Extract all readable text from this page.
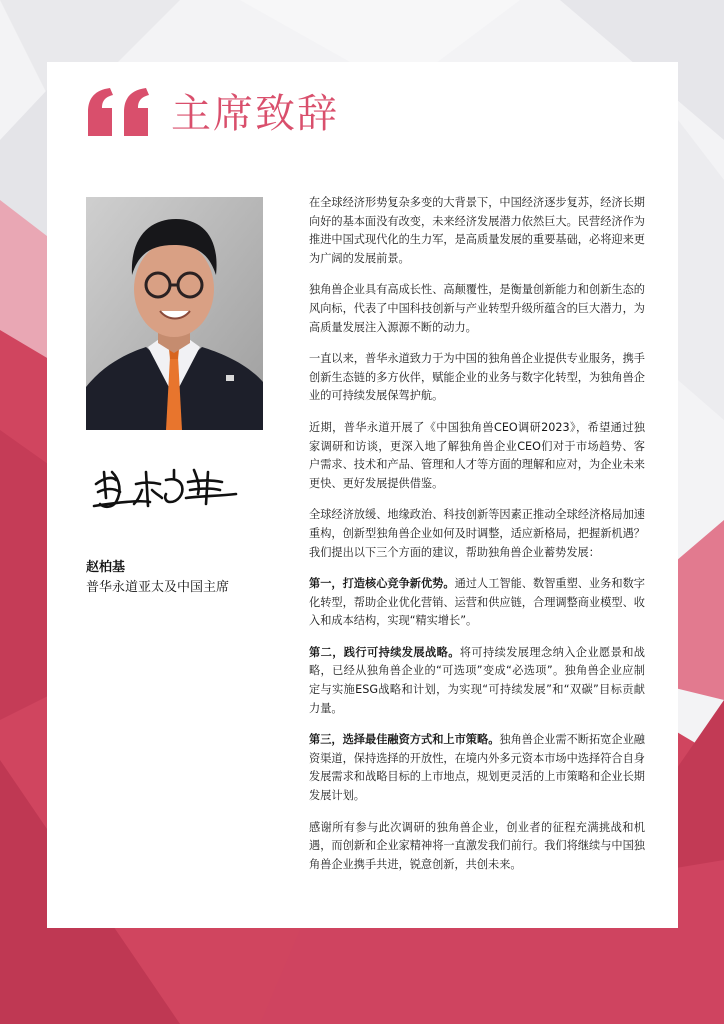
主席致辞
赵柏基
普华永道亚太及中国主席

在全球经济形势复杂多变的大背景下，中国经济逐步复苏，经济长期向好的基本面没有改变，未来经济发展潜力依然巨大。民营经济作为推进中国式现代化的生力军，是高质量发展的重要基础，必将迎来更为广阔的发展前景。

独角兽企业具有高成长性、高颠覆性，是衡量创新能力和创新生态的风向标，代表了中国科技创新与产业转型升级所蕴含的巨大潜力，为高质量发展注入源源不断的动力。

一直以来，普华永道致力于为中国的独角兽企业提供专业服务，携手创新生态链的多方伙伴，赋能企业的业务与数字化转型，为独角兽企业的可持续发展保驾护航。

近期，普华永道开展了《中国独角兽CEO调研2023》，希望通过独家调研和访谈，更深入地了解独角兽企业CEO们对于市场趋势、客户需求、技术和产品、管理和人才等方面的理解和应对，为企业未来更快、更好发展提供借鉴。

全球经济放缓、地缘政治、科技创新等因素正推动全球经济格局加速重构，创新型独角兽企业如何及时调整，适应新格局，把握新机遇？我们提出以下三个方面的建议，帮助独角兽企业蓄势发展：

第一，打造核心竞争新优势。通过人工智能、数智重塑、业务和数字化转型，帮助企业优化营销、运营和供应链，合理调整商业模型、收入和成本结构，实现“精实增长”。

第二，践行可持续发展战略。将可持续发展理念纳入企业愿景和战略，已经从独角兽企业的“可选项”变成“必选项”。独角兽企业应制定与实施ESG战略和计划，为实现“可持续发展”和“双碳”目标贡献力量。

第三，选择最佳融资方式和上市策略。独角兽企业需不断拓宽企业融资渠道，保持选择的开放性，在境内外多元资本市场中选择符合自身发展需求和战略目标的上市地点，规划更灵活的上市策略和企业长期发展计划。

感谢所有参与此次调研的独角兽企业，创业者的征程充满挑战和机遇，而创新和企业家精神将一直激发我们前行。我们将继续与中国独角兽企业携手共进，锐意创新，共创未来。
